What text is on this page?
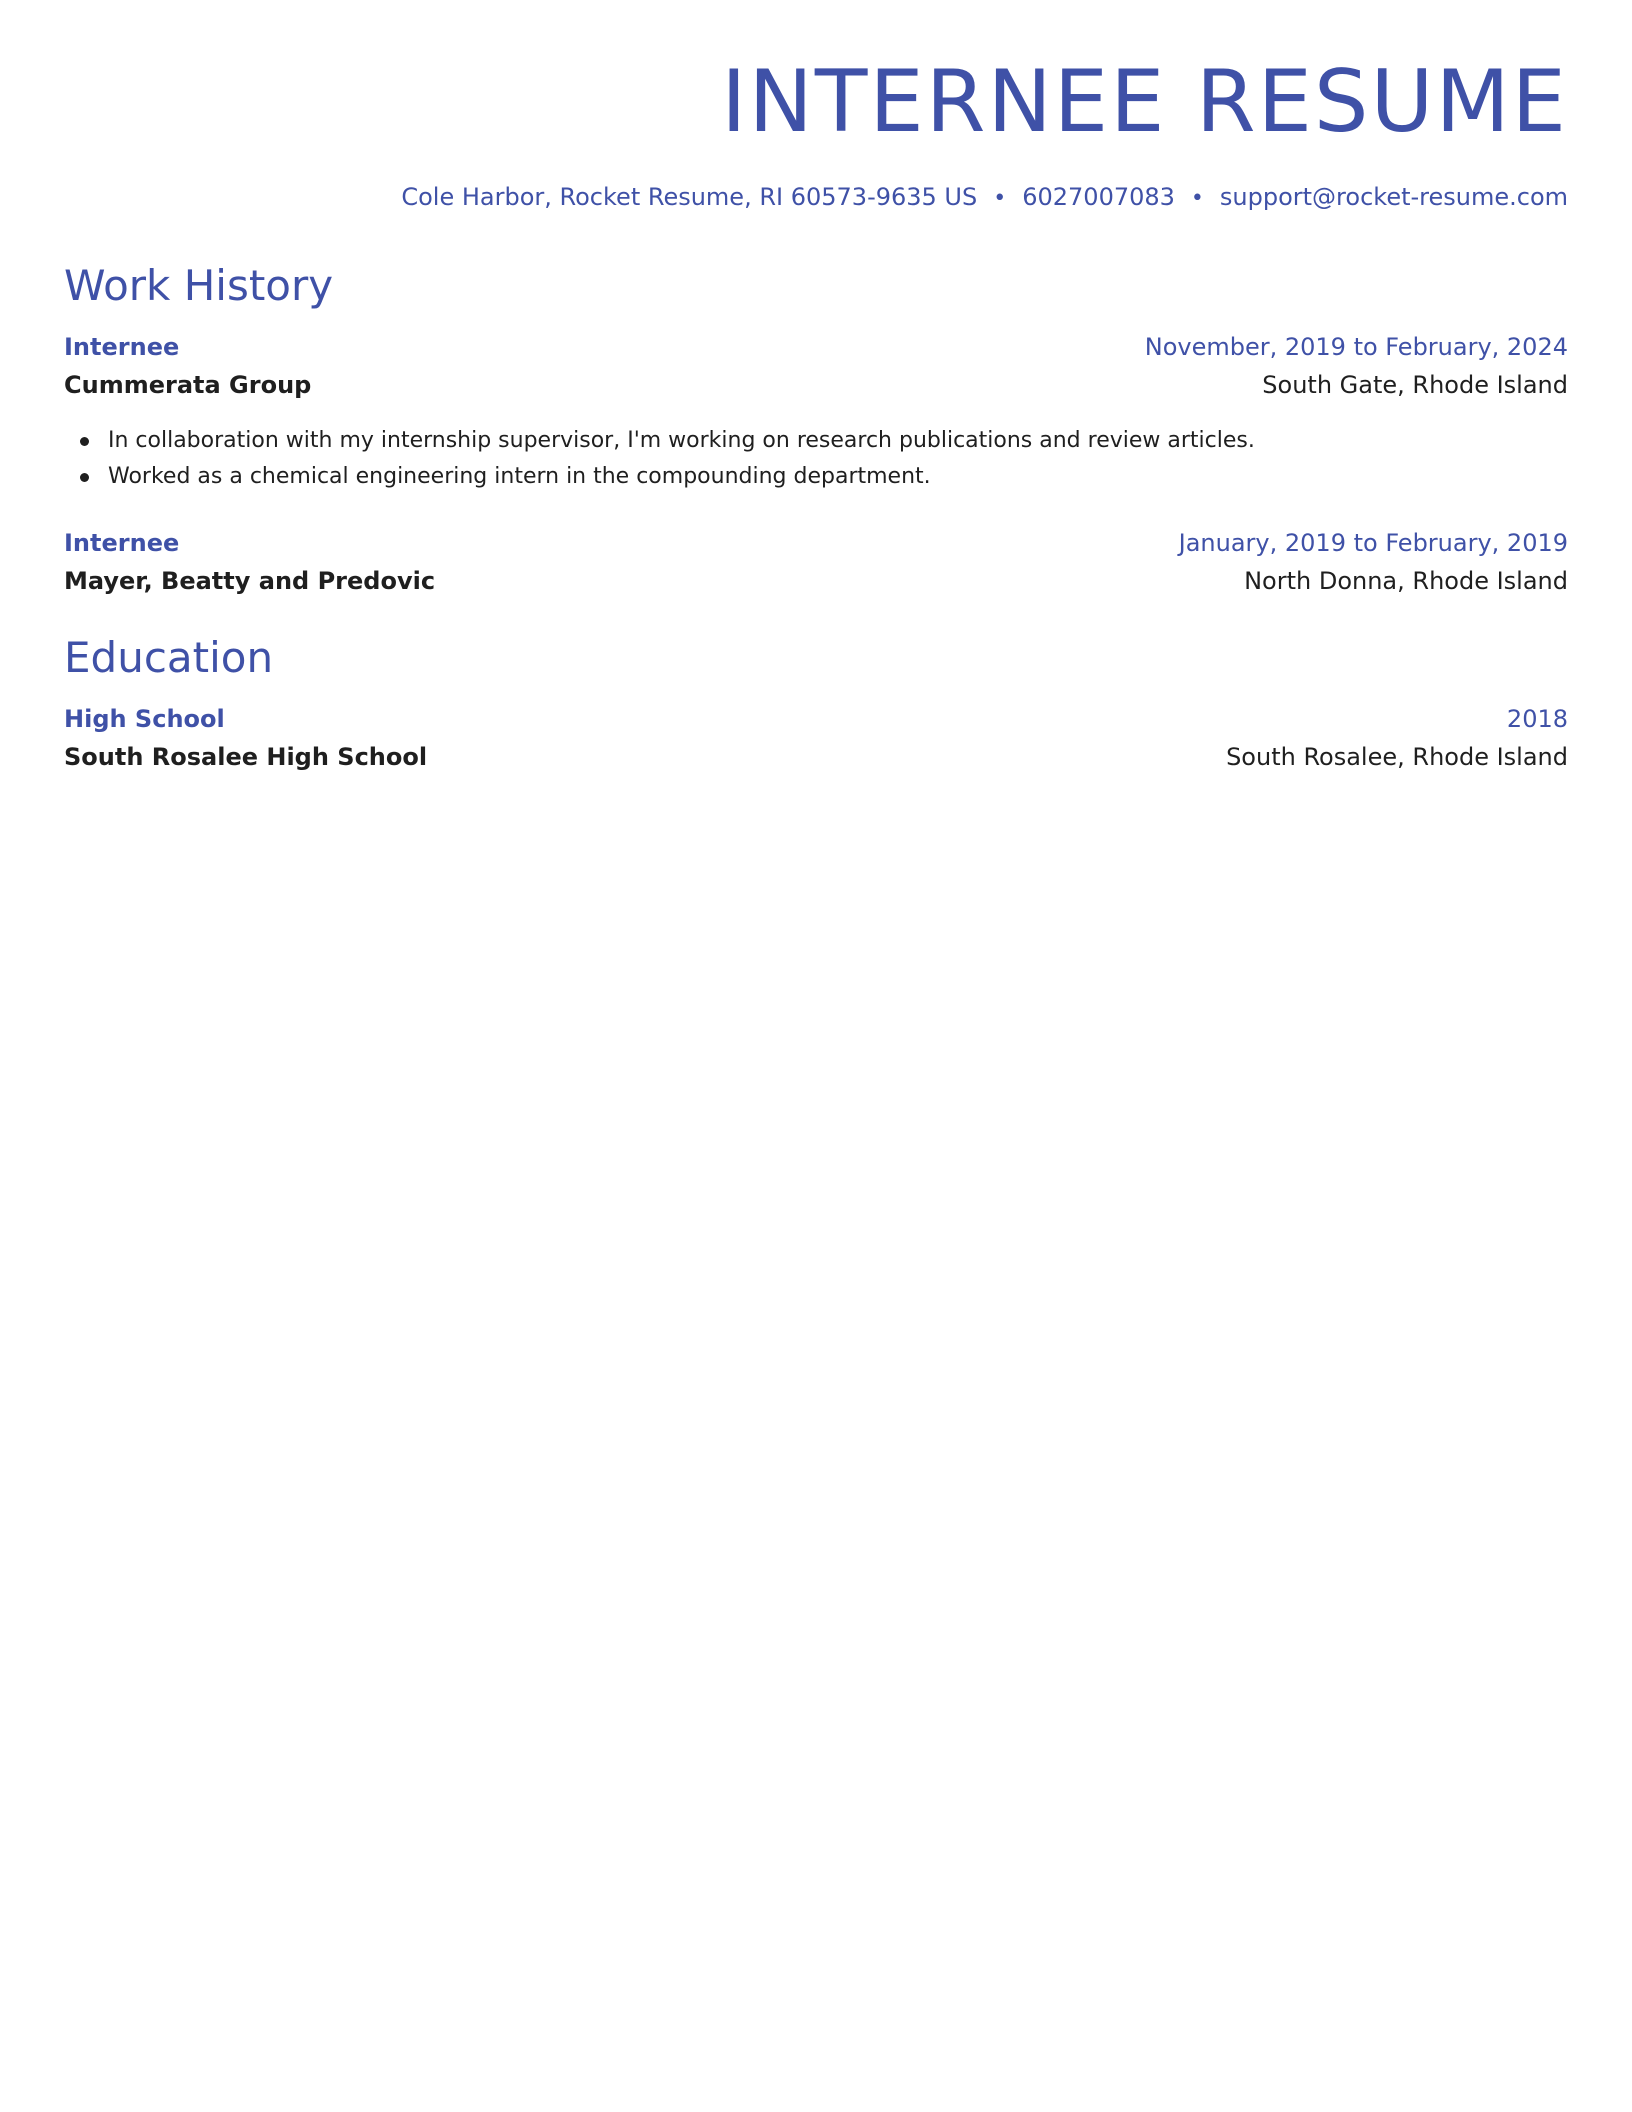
INTERNEE RESUME
Cole Harbor, Rocket Resume, RI 60573-9635 US • 6027007083 • support@rocket-resume.com
Work History
Internee	November, 2019 to February, 2024
Cummerata Group	South Gate, Rhode Island
In collaboration with my internship supervisor, I'm working on research publications and review articles.
Worked as a chemical engineering intern in the compounding department.
Internee	January, 2019 to February, 2019
Mayer, Beatty and Predovic	North Donna, Rhode Island
Education
High School	2018
South Rosalee High School	South Rosalee, Rhode Island
